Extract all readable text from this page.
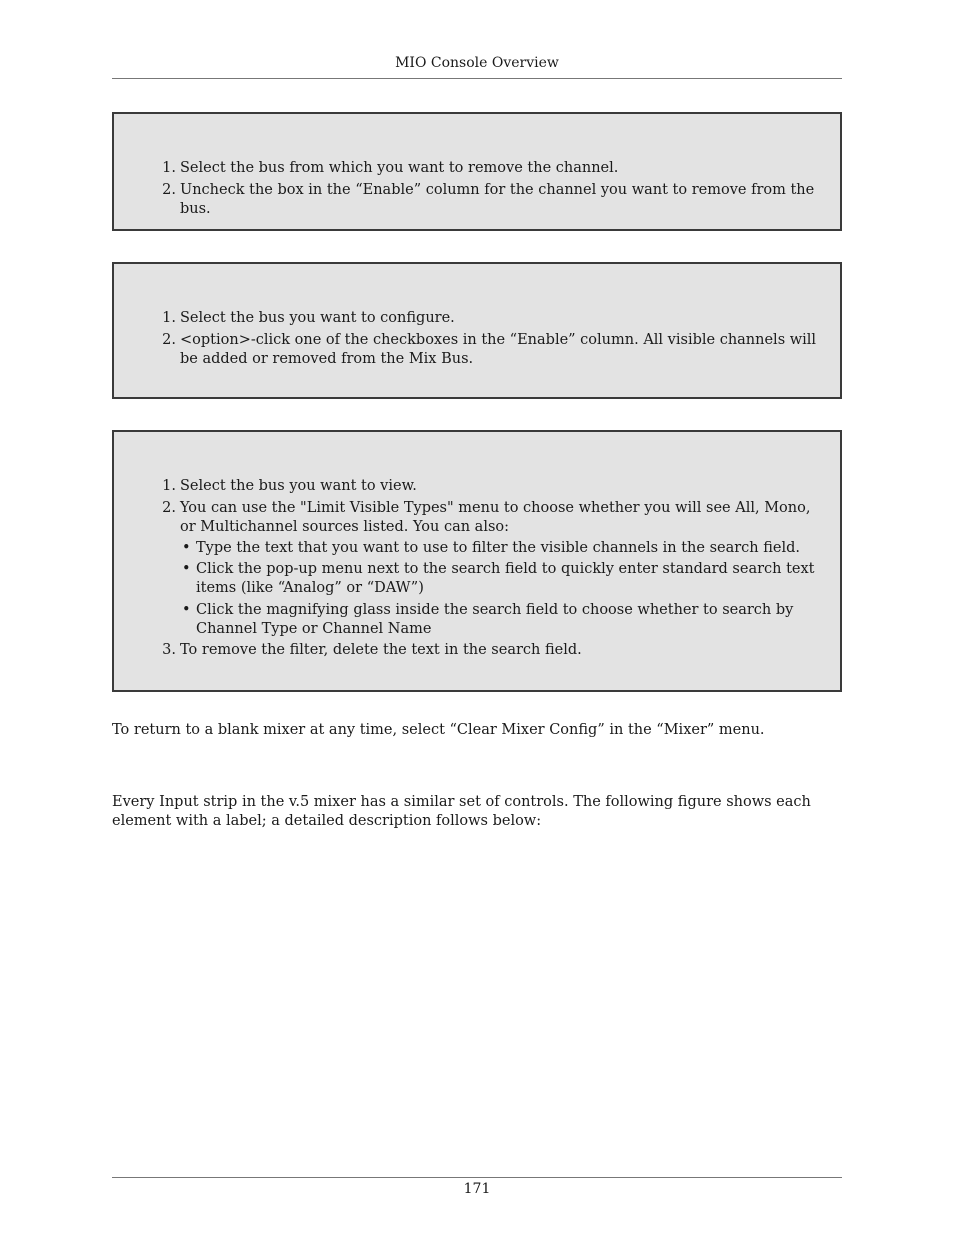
MIO Console Overview
1. Select the bus from which you want to remove the channel.
2. Uncheck the box in the “Enable” column for the channel you want to remove from the bus.
1. Select the bus you want to configure.
2. <option>-click one of the checkboxes in the “Enable” column. All visible channels will be added or removed from the Mix Bus.
1. Select the bus you want to view.
2. You can use the "Limit Visible Types" menu to choose whether you will see All, Mono, or Multichannel sources listed. You can also:
• Type the text that you want to use to filter the visible channels in the search field.
• Click the pop-up menu next to the search field to quickly enter standard search text items (like “Analog” or “DAW”)
• Click the magnifying glass inside the search field to choose whether to search by Channel Type or Channel Name
3. To remove the filter, delete the text in the search field.

To return to a blank mixer at any time, select “Clear Mixer Config” in the “Mixer” menu.

Every Input strip in the v.5 mixer has a similar set of controls. The following figure shows each element with a label; a detailed description follows below:

171
